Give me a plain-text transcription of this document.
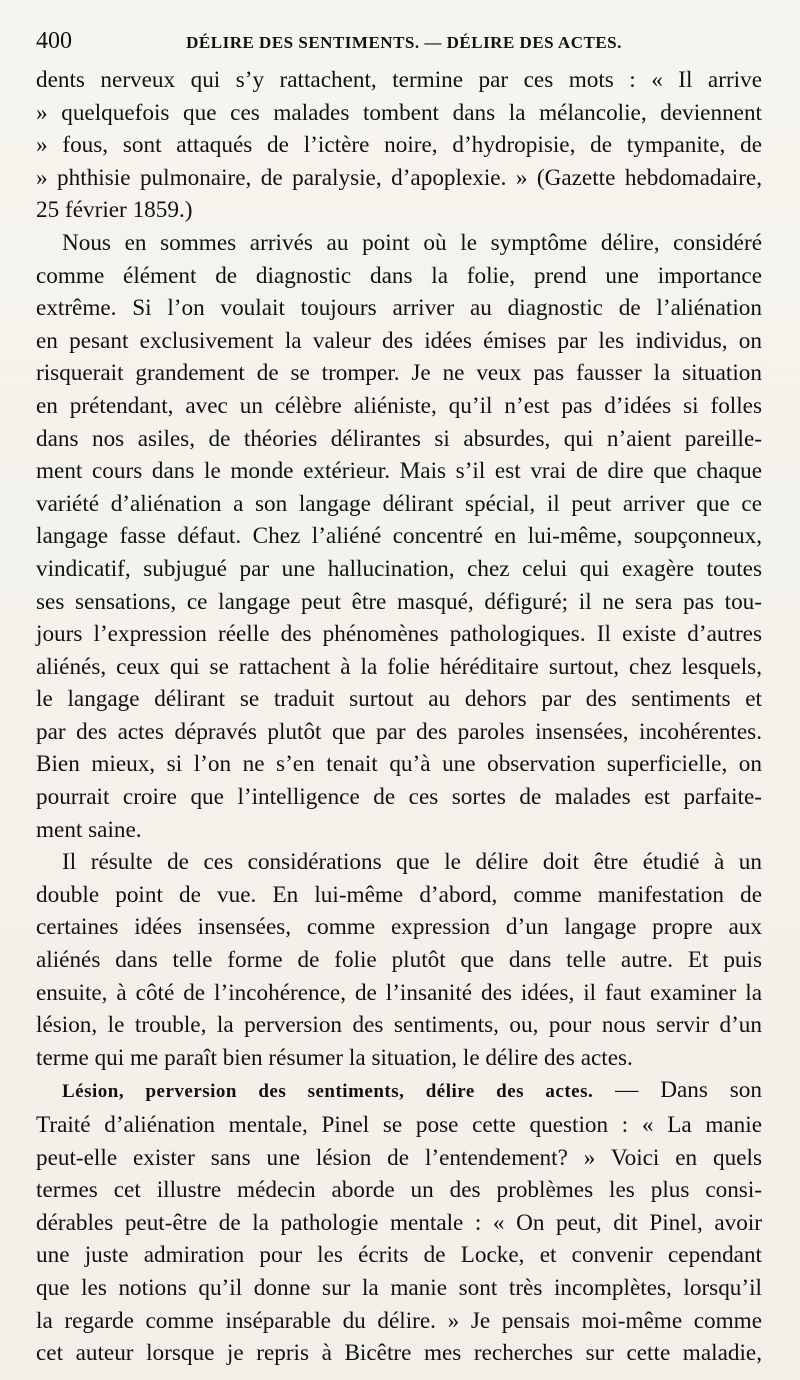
400	DÉLIRE DES SENTIMENTS. — DÉLIRE DES ACTES.
dents nerveux qui s’y rattachent, termine par ces mots : « Il arrive
» quelquefois que ces malades tombent dans la mélancolie, deviennent
» fous, sont attaqués de l’ictère noire, d’hydropisie, de tympanite, de
» phthisie pulmonaire, de paralysie, d’apoplexie. » (Gazette hebdomadaire,
25 février 1859.)
Nous en sommes arrivés au point où le symptôme délire, considéré
comme élément de diagnostic dans la folie, prend une importance
extrême. Si l’on voulait toujours arriver au diagnostic de l’aliénation
en pesant exclusivement la valeur des idées émises par les individus, on
risquerait grandement de se tromper. Je ne veux pas fausser la situation
en prétendant, avec un célèbre aliéniste, qu’il n’est pas d’idées si folles
dans nos asiles, de théories délirantes si absurdes, qui n’aient pareille-
ment cours dans le monde extérieur. Mais s’il est vrai de dire que chaque
variété d’aliénation a son langage délirant spécial, il peut arriver que ce
langage fasse défaut. Chez l’aliéné concentré en lui-même, soupçonneux,
vindicatif, subjugué par une hallucination, chez celui qui exagère toutes
ses sensations, ce langage peut être masqué, défiguré; il ne sera pas tou-
jours l’expression réelle des phénomènes pathologiques. Il existe d’autres
aliénés, ceux qui se rattachent à la folie héréditaire surtout, chez lesquels,
le langage délirant se traduit surtout au dehors par des sentiments et
par des actes dépravés plutôt que par des paroles insensées, incohérentes.
Bien mieux, si l’on ne s’en tenait qu’à une observation superficielle, on
pourrait croire que l’intelligence de ces sortes de malades est parfaite-
ment saine.
Il résulte de ces considérations que le délire doit être étudié à un
double point de vue. En lui-même d’abord, comme manifestation de
certaines idées insensées, comme expression d’un langage propre aux
aliénés dans telle forme de folie plutôt que dans telle autre. Et puis
ensuite, à côté de l’incohérence, de l’insanité des idées, il faut examiner la
lésion, le trouble, la perversion des sentiments, ou, pour nous servir d’un
terme qui me paraît bien résumer la situation, le délire des actes.
Lésion, perversion des sentiments, délire des actes. — Dans son
Traité d’aliénation mentale, Pinel se pose cette question : « La manie
peut-elle exister sans une lésion de l’entendement? » Voici en quels
termes cet illustre médecin aborde un des problèmes les plus consi-
dérables peut-être de la pathologie mentale : « On peut, dit Pinel, avoir
une juste admiration pour les écrits de Locke, et convenir cependant
que les notions qu’il donne sur la manie sont très incomplètes, lorsqu’il
la regarde comme inséparable du délire. » Je pensais moi-même comme
cet auteur lorsque je repris à Bicêtre mes recherches sur cette maladie,
